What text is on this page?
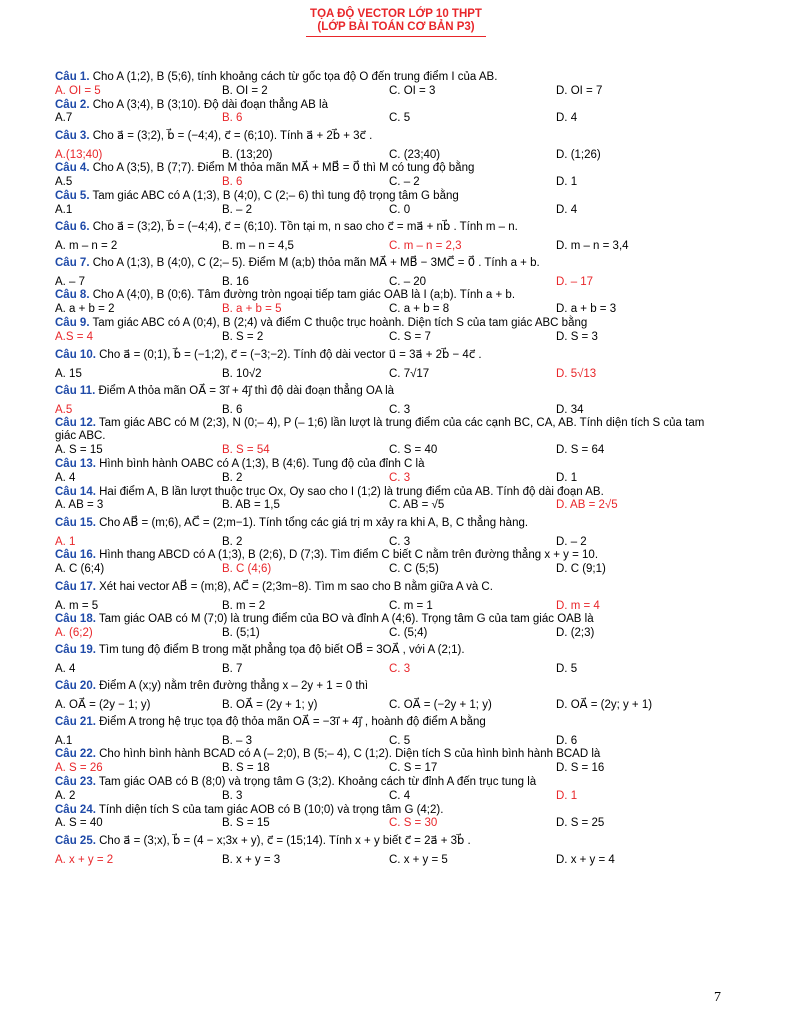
TỌA ĐỘ VECTOR LỚP 10 THPT
(LỚP BÀI TOÁN CƠ BẢN P3)
Câu 1. Cho A (1;2), B (5;6), tính khoảng cách từ gốc tọa độ O đến trung điểm I của AB.
A. OI = 5	B. OI = 2	C. OI = 3	D. OI = 7
Câu 2. Cho A (3;4), B (3;10). Độ dài đoạn thẳng AB là
A.7	B. 6	C. 5	D. 4
Câu 3. Cho a⃗ = (3;2), b⃗ = (−4;4), c⃗ = (6;10). Tính a⃗ + 2b⃗ + 3c⃗ .
A.(13;40)	B. (13;20)	C. (23;40)	D. (1;26)
Câu 4. Cho A (3;5), B (7;7). Điểm M thỏa mãn MA⃗ + MB⃗ = 0⃗ thì M có tung độ bằng
A.5	B. 6	C. – 2	D. 1
Câu 5. Tam giác ABC có A (1;3), B (4;0), C (2;– 6) thì tung độ trọng tâm G bằng
A.1	B. – 2	C. 0	D. 4
Câu 6. Cho a⃗ = (3;2), b⃗ = (−4;4), c⃗ = (6;10). Tồn tại m, n sao cho c⃗ = ma⃗ + nb⃗ . Tính m – n.
A. m – n = 2	B. m – n = 4,5	C. m – n = 2,3	D. m – n = 3,4
Câu 7. Cho A (1;3), B (4;0), C (2;– 5). Điểm M (a;b) thỏa mãn MA⃗ + MB⃗ − 3MC⃗ = 0⃗ . Tính a + b.
A. – 7	B. 16	C. – 20	D. – 17
Câu 8. Cho A (4;0), B (0;6). Tâm đường tròn ngoại tiếp tam giác OAB là I (a;b). Tính a + b.
A. a + b = 2	B. a + b = 5	C. a + b = 8	D. a + b = 3
Câu 9. Tam giác ABC có A (0;4), B (2;4) và điểm C thuộc trục hoành. Diện tích S của tam giác ABC bằng
A.S = 4	B. S = 2	C. S = 7	D. S = 3
Câu 10. Cho a⃗ = (0;1), b⃗ = (−1;2), c⃗ = (−3;−2). Tính độ dài vector u⃗ = 3a⃗ + 2b⃗ − 4c⃗ .
A. 15	B. 10√2	C. 7√17	D. 5√13
Câu 11. Điểm A thỏa mãn OA⃗ = 3i⃗ + 4j⃗ thì độ dài đoạn thẳng OA là
A.5	B. 6	C. 3	D. 34
Câu 12. Tam giác ABC có M (2;3), N (0;– 4), P (– 1;6) lần lượt là trung điểm của các cạnh BC, CA, AB. Tính diện tích S của tam giác ABC.
A. S = 15	B. S = 54	C. S = 40	D. S = 64
Câu 13. Hình bình hành OABC có A (1;3), B (4;6). Tung độ của đỉnh C là
A. 4	B. 2	C. 3	D. 1
Câu 14. Hai điểm A, B lần lượt thuộc trục Ox, Oy sao cho I (1;2) là trung điểm của AB. Tính độ dài đoạn AB.
A. AB = 3	B. AB = 1,5	C. AB = √5	D. AB = 2√5
Câu 15. Cho AB⃗ = (m;6), AC⃗ = (2;m−1). Tính tổng các giá trị m xảy ra khi A, B, C thẳng hàng.
A. 1	B. 2	C. 3	D. – 2
Câu 16. Hình thang ABCD có A (1;3), B (2;6), D (7;3). Tìm điểm C biết C nằm trên đường thẳng x + y = 10.
A. C (6;4)	B. C (4;6)	C. C (5;5)	D. C (9;1)
Câu 17. Xét hai vector AB⃗ = (m;8), AC⃗ = (2;3m−8). Tìm m sao cho B nằm giữa A và C.
A. m = 5	B. m = 2	C. m = 1	D. m = 4
Câu 18. Tam giác OAB có M (7;0) là trung điểm của BO và đỉnh A (4;6). Trọng tâm G của tam giác OAB là
A. (6;2)	B. (5;1)	C. (5;4)	D. (2;3)
Câu 19. Tìm tung độ điểm B trong mặt phẳng tọa độ biết OB⃗ = 3OA⃗ , với A (2;1).
A. 4	B. 7	C. 3	D. 5
Câu 20. Điểm A (x;y) nằm trên đường thẳng x – 2y + 1 = 0 thì
A. OA⃗ = (2y − 1; y)	B. OA⃗ = (2y + 1; y)	C. OA⃗ = (−2y + 1; y)	D. OA⃗ = (2y; y + 1)
Câu 21. Điểm A trong hệ trục tọa độ thỏa mãn OA⃗ = −3i⃗ + 4j⃗ , hoành độ điểm A bằng
A.1	B. – 3	C. 5	D. 6
Câu 22. Cho hình bình hành BCAD có A (– 2;0), B (5;– 4), C (1;2). Diện tích S của hình bình hành BCAD là
A. S = 26	B. S = 18	C. S = 17	D. S = 16
Câu 23. Tam giác OAB có B (8;0) và trọng tâm G (3;2). Khoảng cách từ đỉnh A đến trục tung là
A. 2	B. 3	C. 4	D. 1
Câu 24. Tính diện tích S của tam giác AOB có B (10;0) và trọng tâm G (4;2).
A. S = 40	B. S = 15	C. S = 30	D. S = 25
Câu 25. Cho a⃗ = (3;x), b⃗ = (4 − x;3x + y), c⃗ = (15;14). Tính x + y biết c⃗ = 2a⃗ + 3b⃗ .
A. x + y = 2	B. x + y = 3	C. x + y = 5	D. x + y = 4
7
